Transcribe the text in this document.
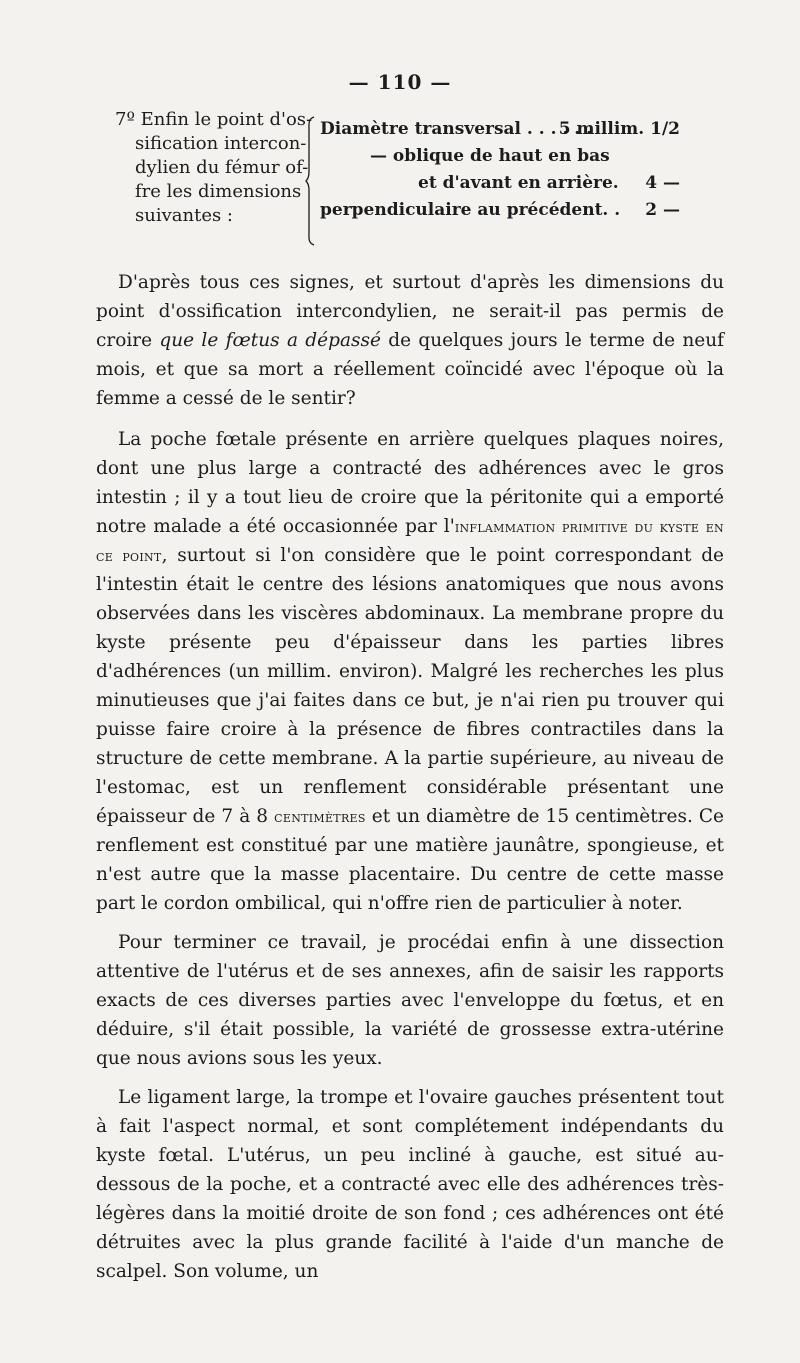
— 110 —
7º Enfin le point d'os-
sification intercon-
dylien du fémur of-
fre les dimensions
suivantes :
Diamètre transversal . . . . . .
5 millim. 1/2
— oblique de haut en bas
et d'avant en arrière. 4 —
perpendiculaire au précédent. . 2 —

D'après tous ces signes, et surtout d'après les dimensions du point d'ossification intercondylien, ne serait-il pas permis de croire que le fœtus a dépassé de quelques jours le terme de neuf mois, et que sa mort a réellement coïncidé avec l'époque où la femme a cessé de le sentir?

La poche fœtale présente en arrière quelques plaques noires, dont une plus large a contracté des adhérences avec le gros intestin ; il y a tout lieu de croire que la péritonite qui a emporté notre malade a été occasionnée par l'inflammation primitive du kyste en ce point, surtout si l'on considère que le point correspondant de l'intestin était le centre des lésions anatomiques que nous avons observées dans les viscères abdominaux. La membrane propre du kyste présente peu d'épaisseur dans les parties libres d'adhérences (un millim. environ). Malgré les recherches les plus minutieuses que j'ai faites dans ce but, je n'ai rien pu trouver qui puisse faire croire à la présence de fibres contractiles dans la structure de cette membrane. A la partie supérieure, au niveau de l'estomac, est un renflement considérable présentant une épaisseur de 7 à 8 centimètres et un diamètre de 15 centimètres. Ce renflement est constitué par une matière jaunâtre, spongieuse, et n'est autre que la masse placentaire. Du centre de cette masse part le cordon ombilical, qui n'offre rien de particulier à noter.

Pour terminer ce travail, je procédai enfin à une dissection attentive de l'utérus et de ses annexes, afin de saisir les rapports exacts de ces diverses parties avec l'enveloppe du fœtus, et en déduire, s'il était possible, la variété de grossesse extra-utérine que nous avions sous les yeux.

Le ligament large, la trompe et l'ovaire gauches présentent tout à fait l'aspect normal, et sont complétement indépendants du kyste fœtal. L'utérus, un peu incliné à gauche, est situé au-dessous de la poche, et a contracté avec elle des adhérences très-légères dans la moitié droite de son fond ; ces adhérences ont été détruites avec la plus grande facilité à l'aide d'un manche de scalpel. Son volume, un
